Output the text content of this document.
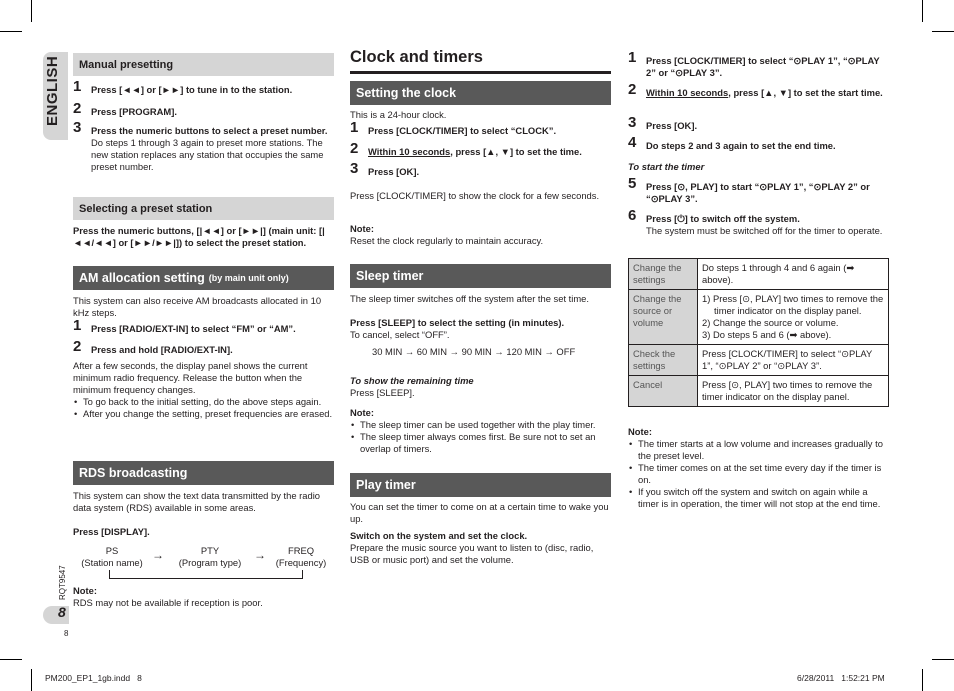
ENGLISH	Manual presetting
1 Press [◄◄] or [►►] to tune in to the station.
2 Press [PROGRAM].
3 Press the numeric buttons to select a preset number.
Do steps 1 through 3 again to preset more stations. The new station replaces any station that occupies the same preset number.
Selecting a preset station
Press the numeric buttons, [|◄◄] or [►►|] (main unit: [|◄◄/◄◄] or [►►/►►|]) to select the preset station.
AM allocation setting (by main unit only)
This system can also receive AM broadcasts allocated in 10 kHz steps.
1 Press [RADIO/EXT-IN] to select “FM” or “AM”.
2 Press and hold [RADIO/EXT-IN].
After a few seconds, the display panel shows the current minimum radio frequency. Release the button when the minimum frequency changes.
• To go back to the initial setting, do the above steps again.
• After you change the setting, preset frequencies are erased.
RDS broadcasting
This system can show the text data transmitted by the radio data system (RDS) available in some areas.
Press [DISPLAY].
PS
(Station name)
→	PTY
(Program type)
→	FREQ
(Frequency)
Note:
RDS may not be available if reception is poor.
Clock and timers
Setting the clock
This is a 24-hour clock.
1 Press [CLOCK/TIMER] to select “CLOCK”.
2 Within 10 seconds, press [▲, ▼] to set the time.
3 Press [OK].
Press [CLOCK/TIMER] to show the clock for a few seconds.
Note:
Reset the clock regularly to maintain accuracy.
Sleep timer
The sleep timer switches off the system after the set time.
Press [SLEEP] to select the setting (in minutes).
To cancel, select “OFF”.
30 MIN → 60 MIN → 90 MIN → 120 MIN → OFF
To show the remaining time
Press [SLEEP].
Note:
• The sleep timer can be used together with the play timer.
• The sleep timer always comes first. Be sure not to set an overlap of timers.
Play timer
You can set the timer to come on at a certain time to wake you up.
Switch on the system and set the clock.
Prepare the music source you want to listen to (disc, radio, USB or music port) and set the volume.
1 Press [CLOCK/TIMER] to select “⊙PLAY 1”, “⊙PLAY 2” or “⊙PLAY 3”.
2 Within 10 seconds, press [▲, ▼] to set the start time.
3 Press [OK].
4 Do steps 2 and 3 again to set the end time.
To start the timer
5 Press [⊙, PLAY] to start “⊙PLAY 1”, “⊙PLAY 2” or “⊙PLAY 3”.
6 Press [⏻] to switch off the system.
The system must be switched off for the timer to operate.
Change the settings	Do steps 1 through 4 and 6 again (➡ above).
Change the source or volume	1) Press [⊙, PLAY] two times to remove the timer indicator on the display panel.
2) Change the source or volume.
3) Do steps 5 and 6 (➡ above).

Check the settings	Press [CLOCK/TIMER] to select “⊙PLAY 1”, “⊙PLAY 2” or “⊙PLAY 3”.
Cancel	Press [⊙, PLAY] two times to remove the timer indicator on the display panel.
Note:
• The timer starts at a low volume and increases gradually to the preset level.
• The timer comes on at the set time every day if the timer is on.
• If you switch off the system and switch on again while a timer is in operation, the timer will not stop at the end time.
RQT9547
8
8
PM200_EP1_1gb.indd   8	6/28/2011   1:52:21 PM
